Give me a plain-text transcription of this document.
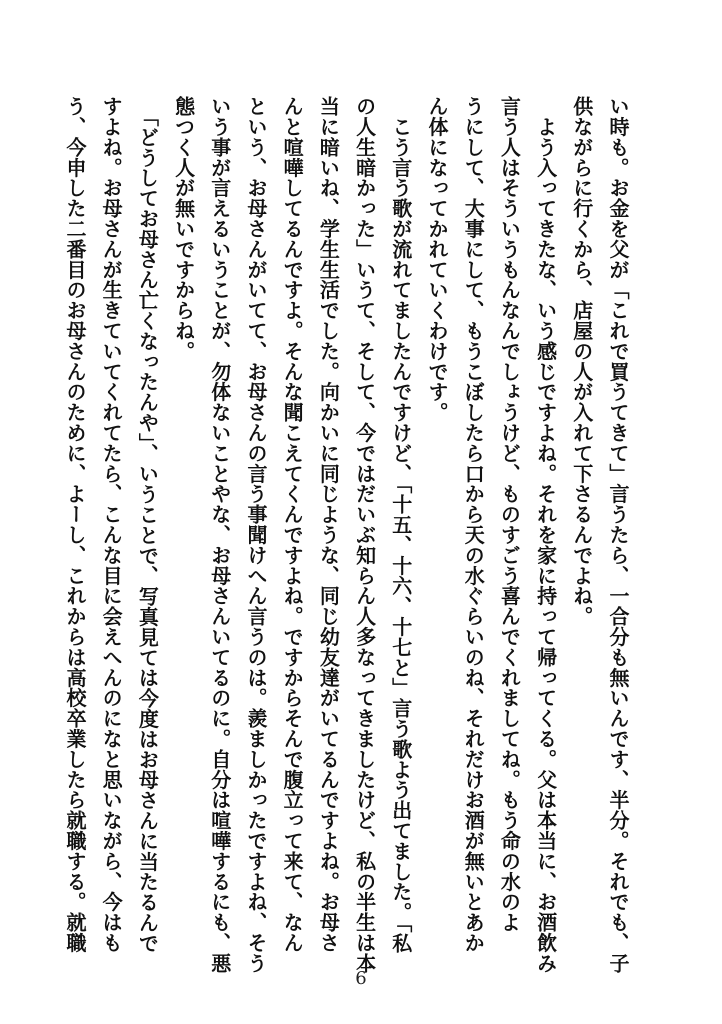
い時も。お金を父が「これで買うてきて」言うたら、一合分も無いんです、半分。それでも、子
供ながらに行くから、店屋の人が入れて下さるんでよね。
　よう入ってきたな、いう感じですよね。それを家に持って帰ってくる。父は本当に、お酒飲み
言う人はそういうもんなんでしょうけど、ものすごう喜んでくれましてね。もう命の水のよ
うにして、大事にして、もうこぼしたら口から天の水ぐらいのね、それだけお酒が無いとあか
ん体になってかれていくわけです。
　こう言う歌が流れてましたんですけど、「十五、十六、十七と」言う歌よう出てました。「私
の人生暗かった」いうて、そして、今ではだいぶ知らん人多なってきましたけど、私の半生は本
当に暗いね、学生生活でした。向かいに同じような、同じ幼友達がいてるんですよね。お母さ
んと喧嘩してるんですよ。そんな聞こえてくんですよね。ですからそんで腹立って来て、なん
という、お母さんがいてて、お母さんの言う事聞けへん言うのは。羨ましかったですよね、そう
いう事が言えるいうことが、勿体ないことやな、お母さんいてるのに。自分は喧嘩するにも、悪
態つく人が無いですからね。
　「どうしてお母さん亡くなったんや」、いうことで、写真見ては今度はお母さんに当たるんで
すよね。お母さんが生きていてくれてたら、こんな目に会えへんのになと思いながら、今はも
う、今申した二番目のお母さんのために、よーし、これからは高校卒業したら就職する。就職
6
